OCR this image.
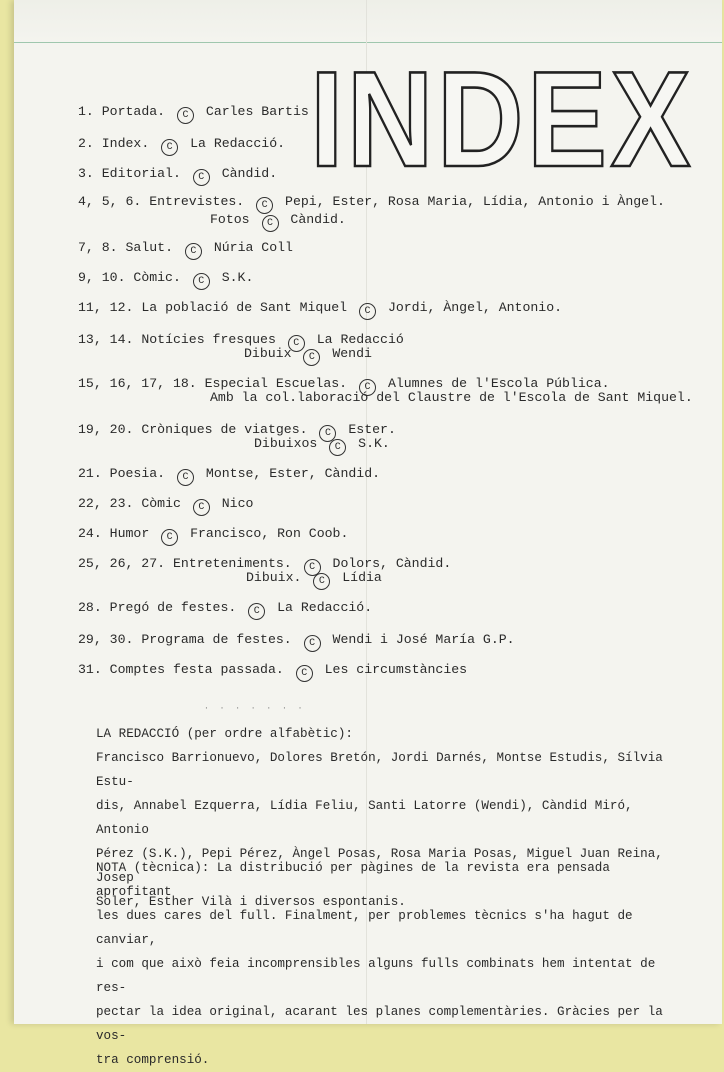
INDEX
1. Portada. C Carles Bartis
2. Index. C La Redacció.
3. Editorial. C Càndid.
4, 5, 6. Entrevistes. C Pepi, Ester, Rosa Maria, Lídia, Antonio i Àngel.
Fotos C Càndid.
7, 8. Salut. C Núria Coll
9, 10. Còmic. C S.K.
11, 12. La població de Sant Miquel C Jordi, Àngel, Antonio.
13, 14. Notícies fresques C La Redacció
Dibuix C Wendi
15, 16, 17, 18. Especial Escuelas. C Alumnes de l'Escola Pública.
Amb la col.laboració del Claustre de l'Escola de Sant Miquel.
19, 20. Cròniques de viatges. C Ester.
Dibuixos C S.K.
21. Poesia. C Montse, Ester, Càndid.
22, 23. Còmic C Nico
24. Humor C Francisco, Ron Coob.
25, 26, 27. Entreteniments. C Dolors, Càndid.
Dibuix. C Lídia
28. Pregó de festes. C La Redacció.
29, 30. Programa de festes. C Wendi i José María G.P.
31. Comptes festa passada. C Les circumstàncies
· · · · · · ·

LA REDACCIÓ (per ordre alfabètic):

Francisco Barrionuevo, Dolores Bretón, Jordi Darnés, Montse Estudis, Sílvia Estu-

dis, Annabel Ezquerra, Lídia Feliu, Santi Latorre (Wendi), Càndid Miró, Antonio

Pérez (S.K.), Pepi Pérez, Àngel Posas, Rosa Maria Posas, Miguel Juan Reina, Josep

Soler, Esther Vilà i diversos espontanis.

NOTA (tècnica): La distribució per pàgines de la revista era pensada aprofitant

les dues cares del full. Finalment, per problemes tècnics s'ha hagut de canviar,

i com que això feia incomprensibles alguns fulls combinats hem intentat de res-

pectar la idea original, acarant les planes complementàries. Gràcies per la vos-

tra comprensió.
